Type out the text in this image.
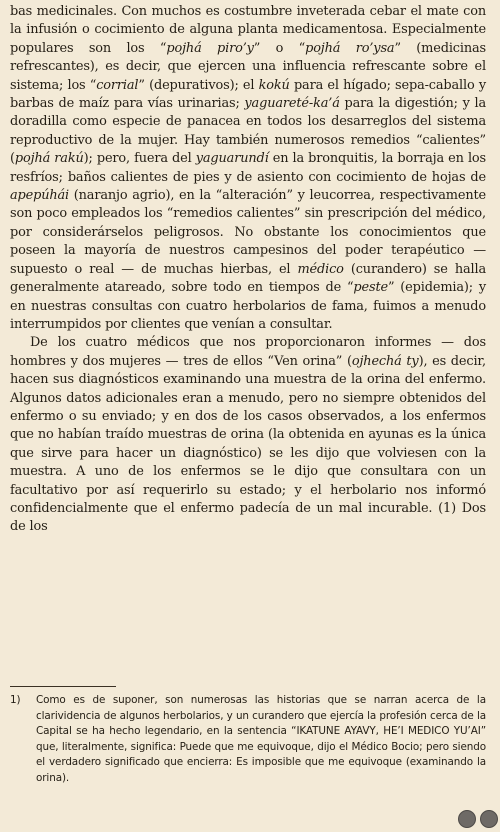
bas medicinales. Con muchos es costumbre inveterada cebar el mate con la infusión o cocimiento de alguna planta medicamentosa. Especialmente populares son los “pojhá piro’y” o “pojhá ro’ysa” (medicinas refrescantes), es decir, que ejercen una influencia refrescante sobre el sistema; los “corrial” (depurativos); el kokú para el hígado; sepa-caballo y barbas de maíz para vías urinarias; yaguareté-ka’á para la digestión; y la doradilla como especie de panacea en todos los desarreglos del sistema reproductivo de la mujer. Hay también numerosos remedios “calientes” (pojhá rakú); pero, fuera del yaguarundí en la bronquitis, la borraja en los resfríos; baños calientes de pies y de asiento con cocimiento de hojas de apepúhái (naranjo agrio), en la “alteración” y leucorrea, respectivamente son poco empleados los “remedios calientes” sin prescripción del médico, por considerárselos peligrosos. No obstante los conocimientos que poseen la mayoría de nuestros campesinos del poder terapéutico — supuesto o real — de muchas hierbas, el médico (curandero) se halla generalmente atareado, sobre todo en tiempos de “peste” (epidemia); y en nuestras consultas con cuatro herbolarios de fama, fuimos a menudo interrumpidos por clientes que venían a consultar.

De los cuatro médicos que nos proporcionaron informes — dos hombres y dos mujeres — tres de ellos “Ven orina” (ojhechá ty), es decir, hacen sus diagnósticos examinando una muestra de la orina del enfermo. Algunos datos adicionales eran a menudo, pero no siempre obtenidos del enfermo o su enviado; y en dos de los casos observados, a los enfermos que no habían traído muestras de orina (la obtenida en ayunas es la única que sirve para hacer un diagnóstico) se les dijo que volviesen con la muestra. A uno de los enfermos se le dijo que consultara con un facultativo por así requerirlo su estado; y el herbolario nos informó confidencialmente que el enfermo padecía de un mal incurable. (1) Dos de los

1)	Como es de suponer, son numerosas las historias que se narran acerca de la clarividencia de algunos herbolarios, y un curandero que ejercía la profesión cerca de la Capital se ha hecho legendario, en la sentencia “IKATUNE AYAVY, HE’I MEDICO YU’AI” que, literalmente, significa: Puede que me equivoque, dijo el Médico Bocio; pero siendo el verdadero significado que encierra: Es imposible que me equivoque (examinando la orina).
